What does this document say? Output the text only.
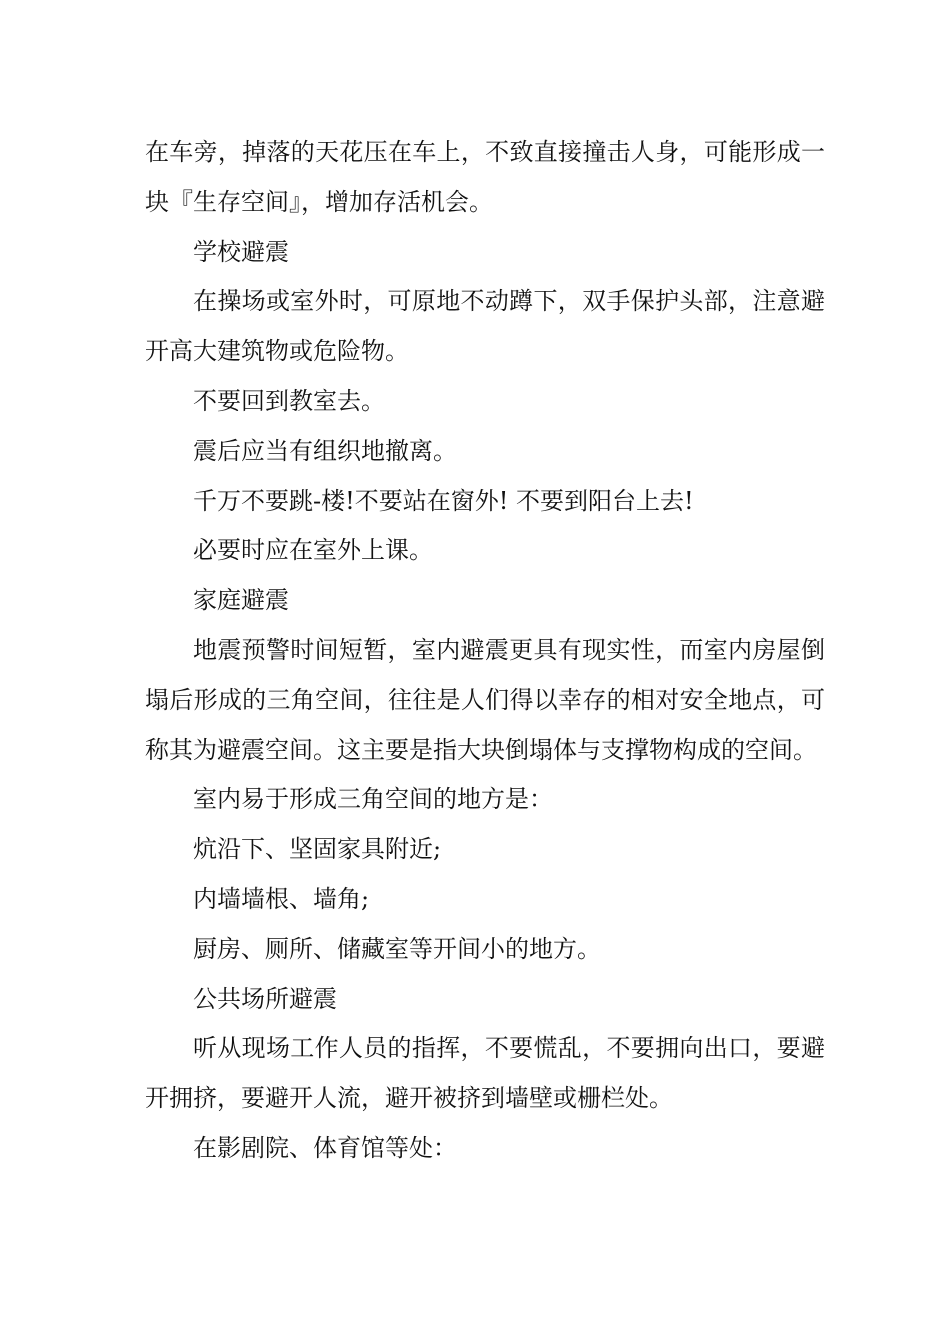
在车旁，掉落的天花压在车上，不致直接撞击人身，可能形成一块『生存空间』，增加存活机会。

学校避震

在操场或室外时，可原地不动蹲下，双手保护头部，注意避开高大建筑物或危险物。

不要回到教室去。

震后应当有组织地撤离。

千万不要跳-楼!不要站在窗外! 不要到阳台上去!

必要时应在室外上课。

家庭避震

地震预警时间短暂，室内避震更具有现实性，而室内房屋倒塌后形成的三角空间，往往是人们得以幸存的相对安全地点，可称其为避震空间。这主要是指大块倒塌体与支撑物构成的空间。

室内易于形成三角空间的地方是：

炕沿下、坚固家具附近;

内墙墙根、墙角;

厨房、厕所、储藏室等开间小的地方。

公共场所避震

听从现场工作人员的指挥，不要慌乱，不要拥向出口，要避开拥挤，要避开人流，避开被挤到墙壁或栅栏处。

在影剧院、体育馆等处：
